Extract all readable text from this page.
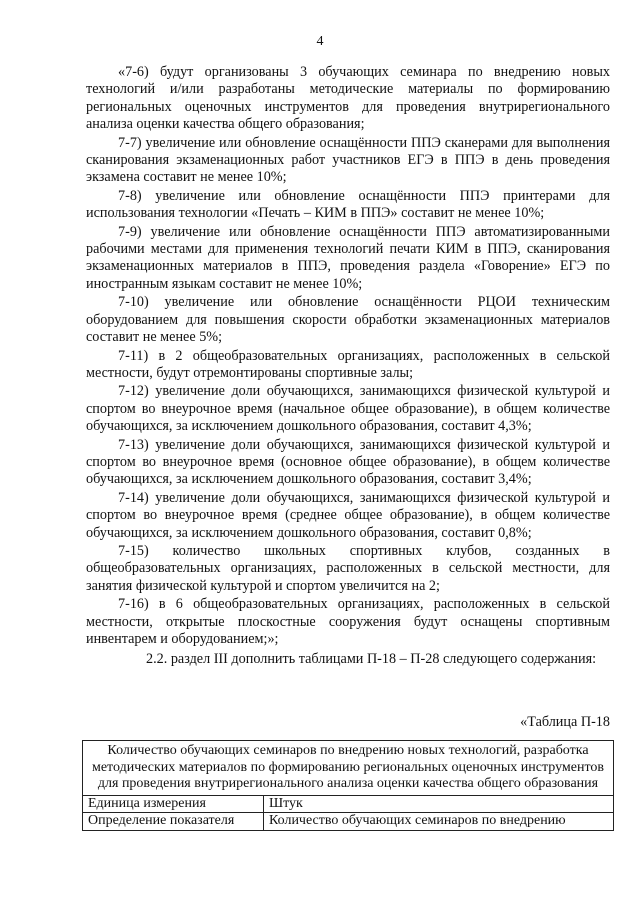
4

«7-6) будут организованы 3 обучающих семинара по внедрению новых технологий и/или разработаны методические материалы по формированию региональных оценочных инструментов для проведения внутрирегионального анализа оценки качества общего образования;

7-7) увеличение или обновление оснащённости ППЭ сканерами для выполнения сканирования экзаменационных работ участников ЕГЭ в ППЭ в день проведения экзамена составит не менее 10%;

7-8) увеличение или обновление оснащённости ППЭ принтерами для использования технологии «Печать – КИМ в ППЭ» составит не менее 10%;

7-9) увеличение или обновление оснащённости ППЭ автоматизированными рабочими местами для применения технологий печати КИМ в ППЭ, сканирования экзаменационных материалов в ППЭ, проведения раздела «Говорение» ЕГЭ по иностранным языкам составит не менее 10%;

7-10) увеличение или обновление оснащённости РЦОИ техническим оборудованием для повышения скорости обработки экзаменационных материалов составит не менее 5%;

7-11) в 2 общеобразовательных организациях, расположенных в сельской местности, будут отремонтированы спортивные залы;

7-12) увеличение доли обучающихся, занимающихся физической культурой и спортом во внеурочное время (начальное общее образование), в общем количестве обучающихся, за исключением дошкольного образования, составит 4,3%;

7-13) увеличение доли обучающихся, занимающихся физической культурой и спортом во внеурочное время (основное общее образование), в общем количестве обучающихся, за исключением дошкольного образования, составит 3,4%;

7-14) увеличение доли обучающихся, занимающихся физической культурой и спортом во внеурочное время (среднее общее образование), в общем количестве обучающихся, за исключением дошкольного образования, составит 0,8%;

7-15) количество школьных спортивных клубов, созданных в общеобразовательных организациях, расположенных в сельской местности, для занятия физической культурой и спортом увеличится на 2;

7-16) в 6 общеобразовательных организациях, расположенных в сельской местности, открытые плоскостные сооружения будут оснащены спортивным инвентарем и оборудованием;»;

2.2. раздел III дополнить таблицами П-18 – П-28 следующего содержания:

«Таблица П-18
Количество обучающих семинаров по внедрению новых технологий, разработка методических материалов по формированию региональных оценочных инструментов для проведения внутрирегионального анализа оценки качества общего образования	
Единица измерения	Штук
Определение показателя	Количество обучающих семинаров по внедрению
